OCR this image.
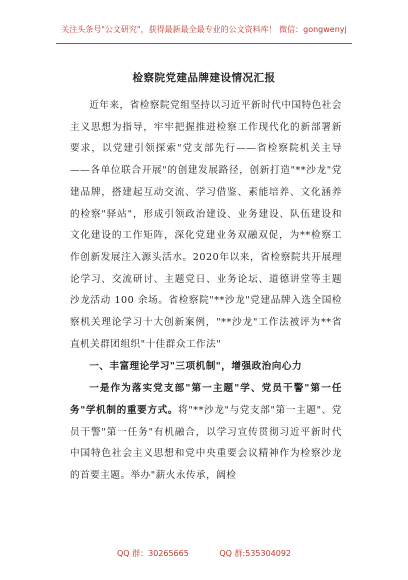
关注头条号"公文研究"，获得最新最全最专业的公文资料库！ 微信：gongwenyj
检察院党建品牌建设情况汇报

近年来，省检察院党组坚持以习近平新时代中国特色社会主义思想为指导，牢牢把握推进检察工作现代化的新部署新要求，以党建引领探索"党支部先行——省检察院机关主导——各单位联合开展"的创建发展路径，创新打造"**沙龙"党建品牌，搭建起互动交流、学习借鉴、素能培养、文化涵养的检察"驿站"，形成引领政治建设、业务建设、队伍建设和文化建设的工作矩阵，深化党建业务双融双促，为**检察工作创新发展注入源头活水。2020年以来，省检察院共开展理论学习、交流研讨、主题党日、业务论坛、道德讲堂等主题沙龙活动 100 余场。省检察院"**沙龙"党建品牌入选全国检察机关理论学习十大创新案例，"**沙龙"工作法被评为**省直机关群团组织"十佳群众工作法"

一、丰富理论学习"三项机制"，增强政治向心力

一是作为落实党支部"第一主题"学、党员干警"第一任务"学机制的重要方式。将"**沙龙"与党支部"第一主题"、党员干警"第一任务"有机融合，以学习宣传贯彻习近平新时代中国特色社会主义思想和党中央重要会议精神作为检察沙龙的首要主题。举办"薪火永传承，阔检

QQ 群：30265665	QQ 群:535304092
